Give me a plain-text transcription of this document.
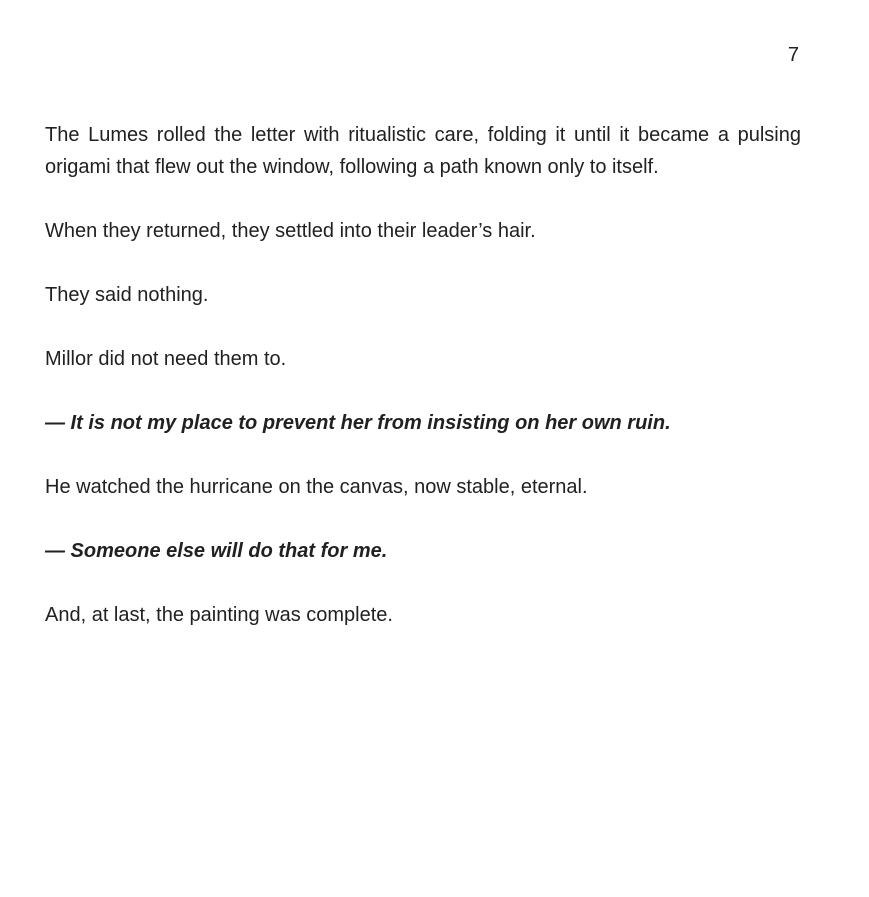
7

The Lumes rolled the letter with ritualistic care, folding it until it became a pulsing origami that flew out the window, following a path known only to itself.

When they returned, they settled into their leader’s hair.

They said nothing.

Millor did not need them to.

— It is not my place to prevent her from insisting on her own ruin.

He watched the hurricane on the canvas, now stable, eternal.

— Someone else will do that for me.

And, at last, the painting was complete.
